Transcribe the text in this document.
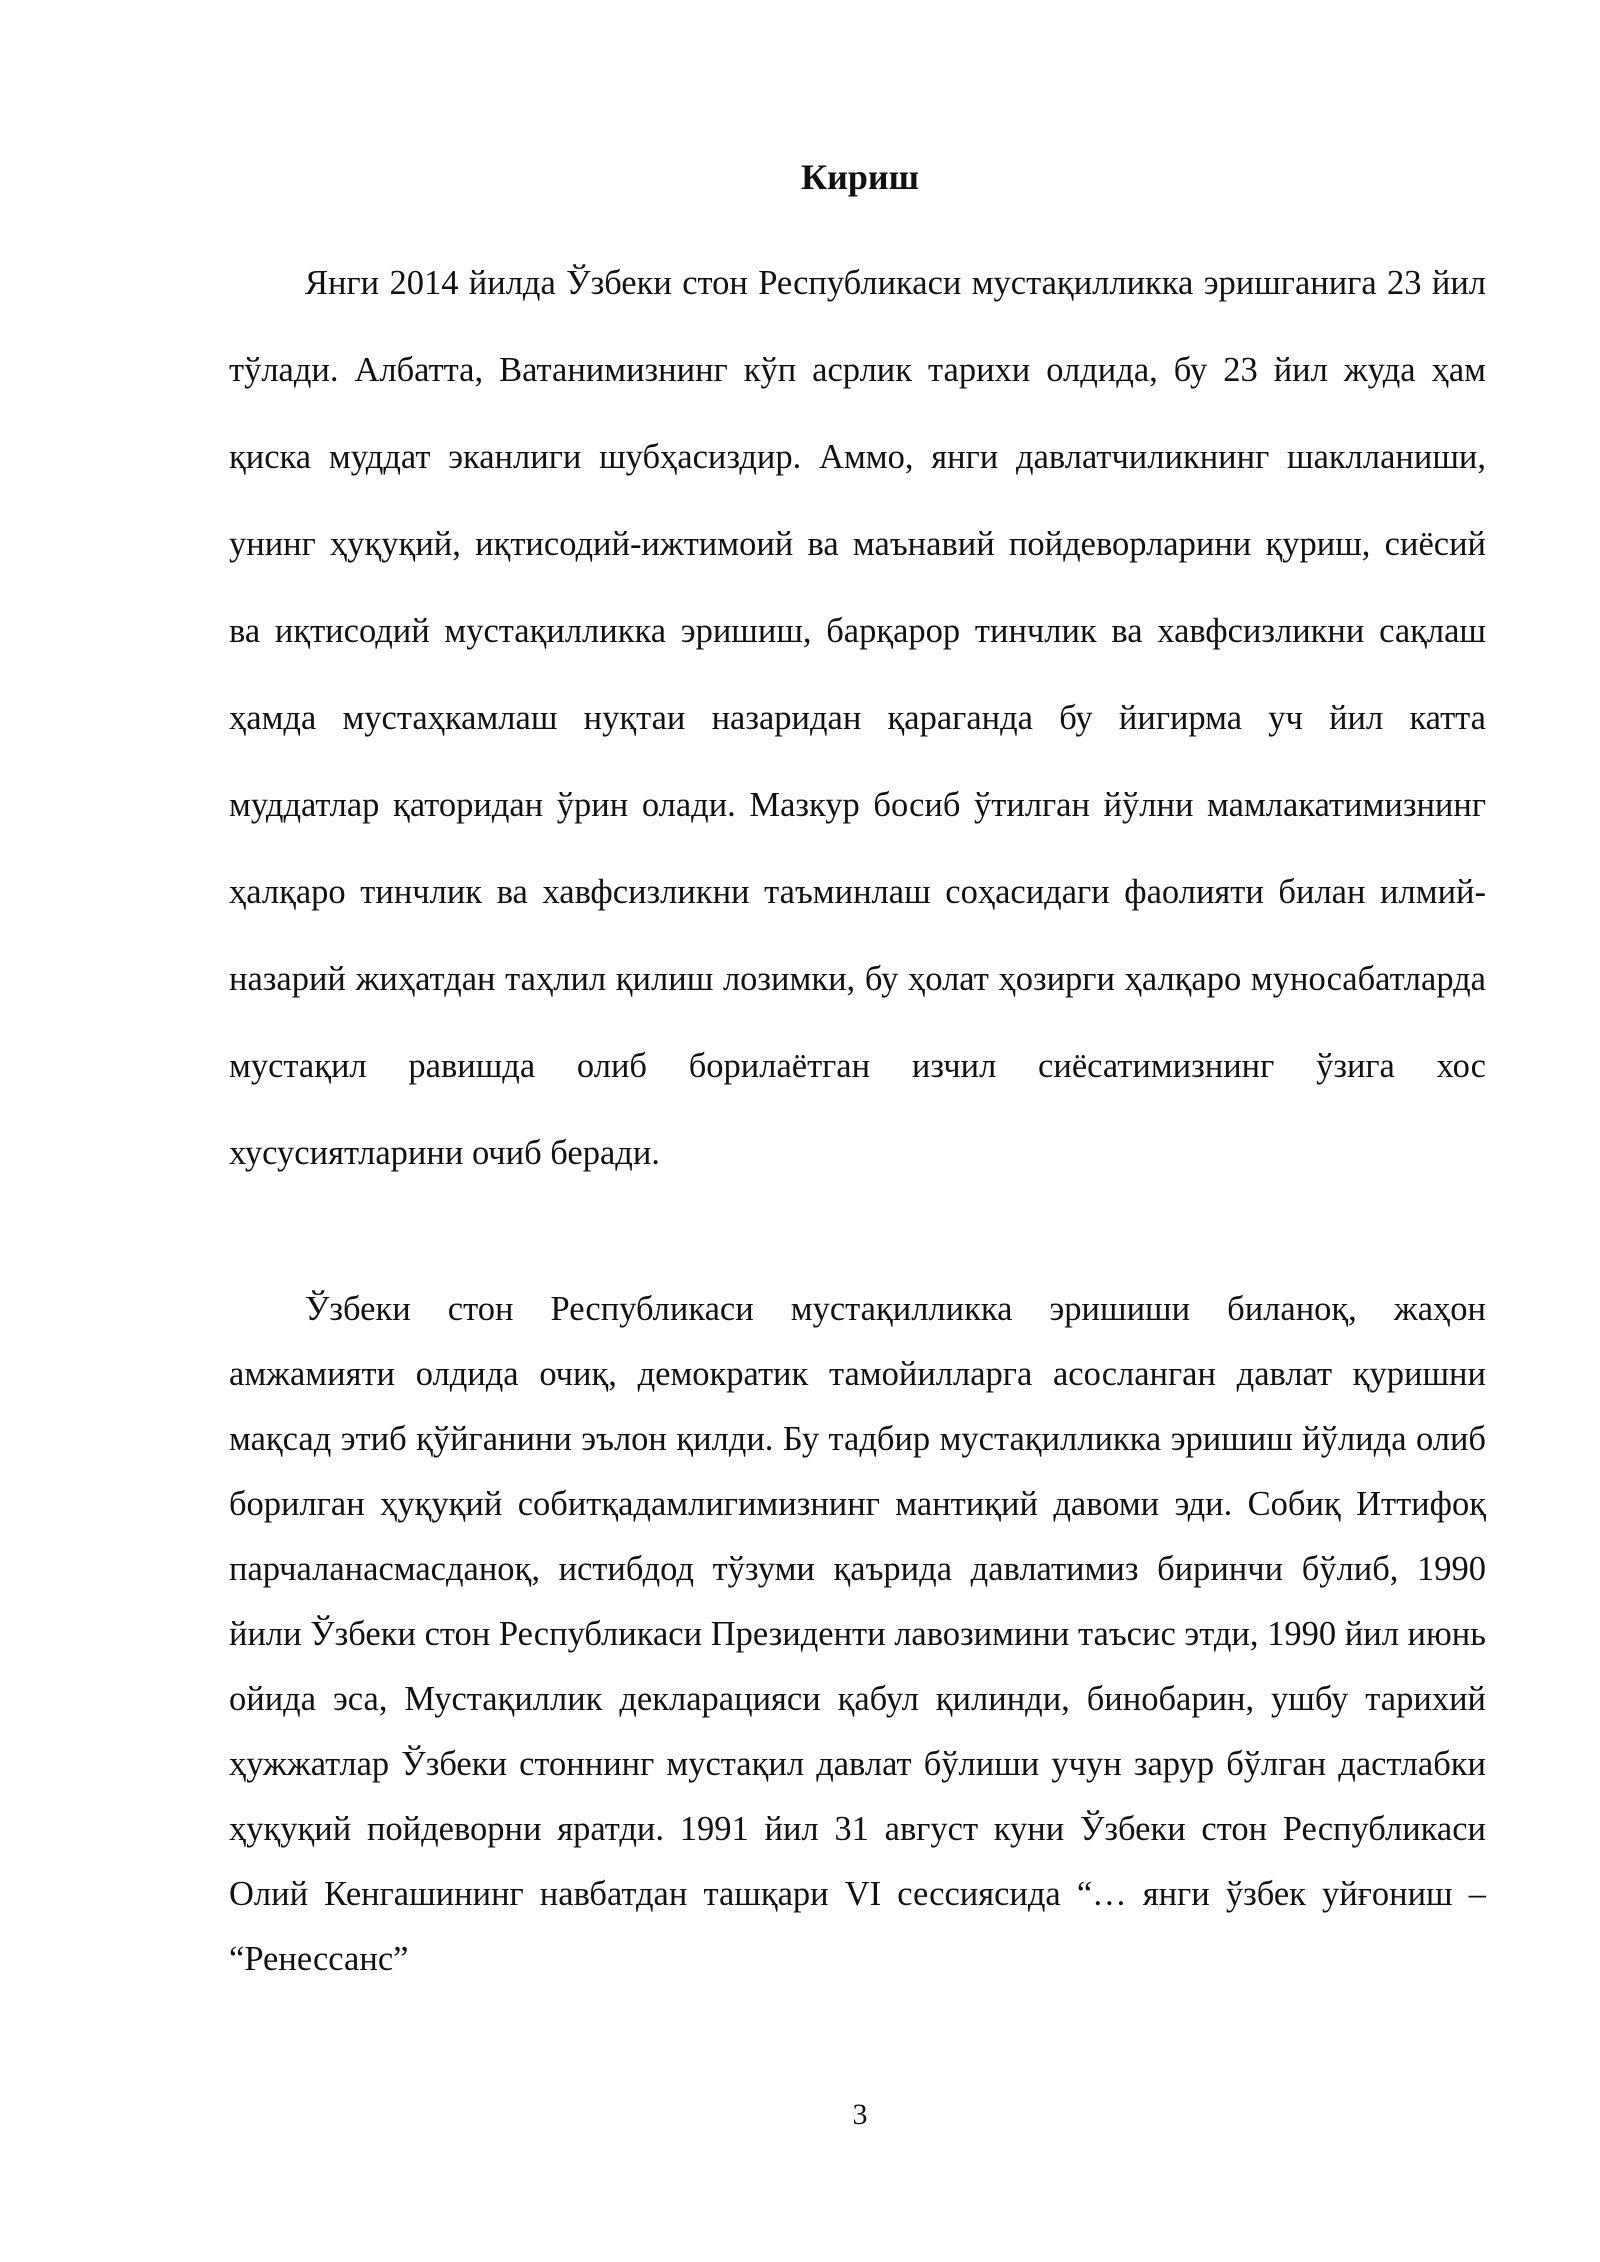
Кириш

Янги 2014 йилда Ўзбеки стон Республикаси мустақилликка эришганига 23 йил тўлади. Албатта, Ватанимизнинг кўп асрлик тарихи олдида, бу 23 йил жуда ҳам қиска муддат эканлиги шубҳасиздир. Аммо, янги давлатчиликнинг шаклланиши, унинг ҳуқуқий, иқтисодий-ижтимоий ва маънавий пойдеворларини қуриш, сиёсий ва иқтисодий мустақилликка эришиш, барқарор тинчлик ва хавфсизликни сақлаш ҳамда мустаҳкамлаш нуқтаи назаридан қараганда бу йигирма уч йил катта муддатлар қаторидан ўрин олади. Мазкур босиб ўтилган йўлни мамлакатимизнинг ҳалқаро тинчлик ва хавфсизликни таъминлаш соҳасидаги фаолияти билан илмий-назарий жиҳатдан таҳлил қилиш лозимки, бу ҳолат ҳозирги ҳалқаро муносабатларда мустақил равишда олиб борилаётган изчил сиёсатимизнинг ўзига хос хусусиятларини очиб беради.

Ўзбеки стон Республикаси мустақилликка эришиши биланоқ, жаҳон амжамияти олдида очиқ, демократик тамойилларга асосланган давлат қуришни мақсад этиб қўйганини эълон қилди. Бу тадбир мустақилликка эришиш йўлида олиб борилган ҳуқуқий собитқадамлигимизнинг мантиқий давоми эди. Собиқ Иттифоқ парчаланасмасданоқ, истибдод тўзуми қаърида давлатимиз биринчи бўлиб, 1990 йили Ўзбеки стон Республикаси Президенти лавозимини таъсис этди, 1990 йил июнь ойида эса, Мустақиллик декларацияси қабул қилинди, бинобарин, ушбу тарихий ҳужжатлар Ўзбеки стоннинг мустақил давлат бўлиши учун зарур бўлган дастлабки ҳуқуқий пойдеворни яратди. 1991 йил 31 август куни Ўзбеки стон Республикаси Олий Кенгашининг навбатдан ташқари VI сессиясида “… янги ўзбек уйғониш – “Ренессанс”

3
